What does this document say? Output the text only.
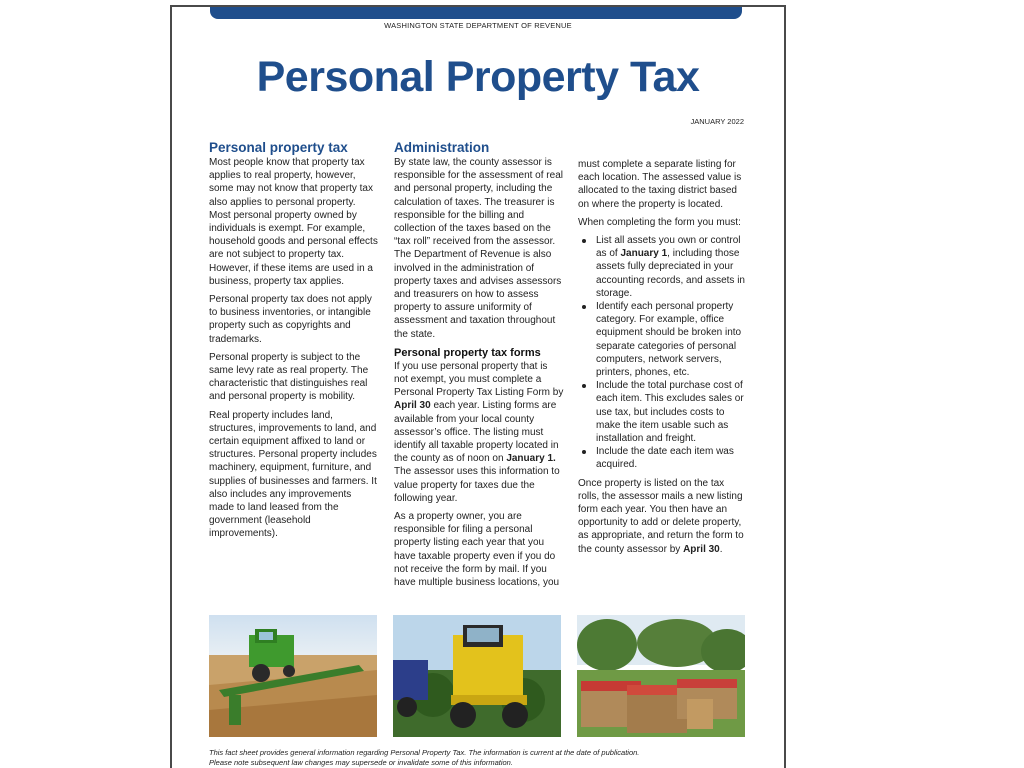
WASHINGTON STATE DEPARTMENT OF REVENUE
Personal Property Tax
JANUARY 2022
Personal property tax

Most people know that property tax applies to real property, however, some may not know that property tax also applies to personal property. Most personal property owned by individuals is exempt. For example, household goods and personal effects are not subject to property tax. However, if these items are used in a business, property tax applies.

Personal property tax does not apply to business inventories, or intangible property such as copyrights and trademarks.

Personal property is subject to the same levy rate as real property. The characteristic that distinguishes real and personal property is mobility.

Real property includes land, structures, improvements to land, and certain equipment affixed to land or structures. Personal property includes machinery, equipment, furniture, and supplies of businesses and farmers. It also includes any improvements made to land leased from the government (leasehold improvements).

Administration

By state law, the county assessor is responsible for the assessment of real and personal property, including the calculation of taxes. The treasurer is responsible for the billing and collection of the taxes based on the “tax roll” received from the assessor. The Department of Revenue is also involved in the administration of property taxes and advises assessors and treasurers on how to assess property to assure uniformity of assessment and taxation throughout the state.

Personal property tax forms

If you use personal property that is not exempt, you must complete a Personal Property Tax Listing Form by April 30 each year. Listing forms are available from your local county assessor’s office. The listing must identify all taxable property located in the county as of noon on January 1. The assessor uses this information to value property for taxes due the following year.

As a property owner, you are responsible for filing a personal property listing each year that you have taxable property even if you do not receive the form by mail. If you have multiple business locations, you

must complete a separate listing for each location. The assessed value is allocated to the taxing district based on where the property is located.

When completing the form you must:

List all assets you own or control as of January 1, including those assets fully depreciated in your accounting records, and assets in storage.
Identify each personal property category. For example, office equipment should be broken into separate categories of personal computers, network servers, printers, phones, etc.
Include the total purchase cost of each item. This excludes sales or use tax, but includes costs to make the item usable such as installation and freight.
Include the date each item was acquired.

Once property is listed on the tax rolls, the assessor mails a new listing form each year. You then have an opportunity to add or delete property, as appropriate, and return the form to the county assessor by April 30.

This fact sheet provides general information regarding Personal Property Tax. The information is current at the date of publication.
Please note subsequent law changes may supersede or invalidate some of this information.
